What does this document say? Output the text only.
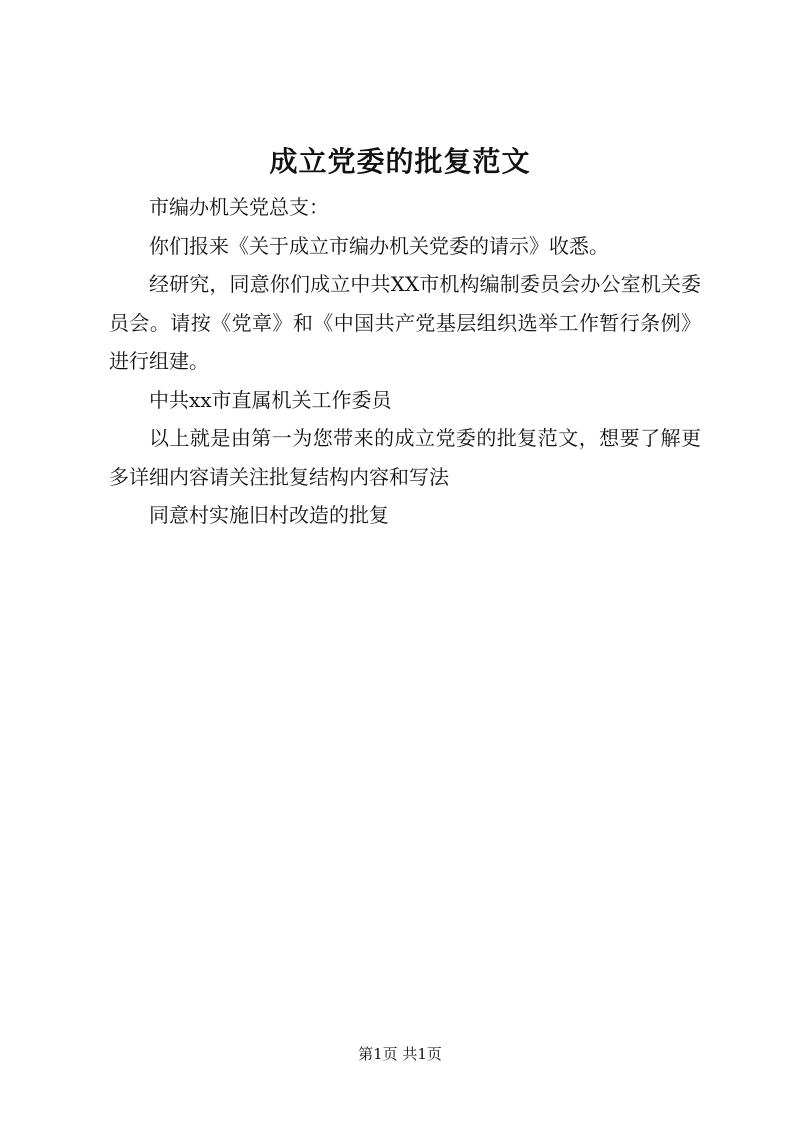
成立党委的批复范文

市编办机关党总支：

你们报来《关于成立市编办机关党委的请示》收悉。

经研究，同意你们成立中共XX市机构编制委员会办公室机关委员会。请按《党章》和《中国共产党基层组织选举工作暂行条例》进行组建。

中共xx市直属机关工作委员

以上就是由第一为您带来的成立党委的批复范文，想要了解更多详细内容请关注批复结构内容和写法

同意村实施旧村改造的批复

第1页 共1页
